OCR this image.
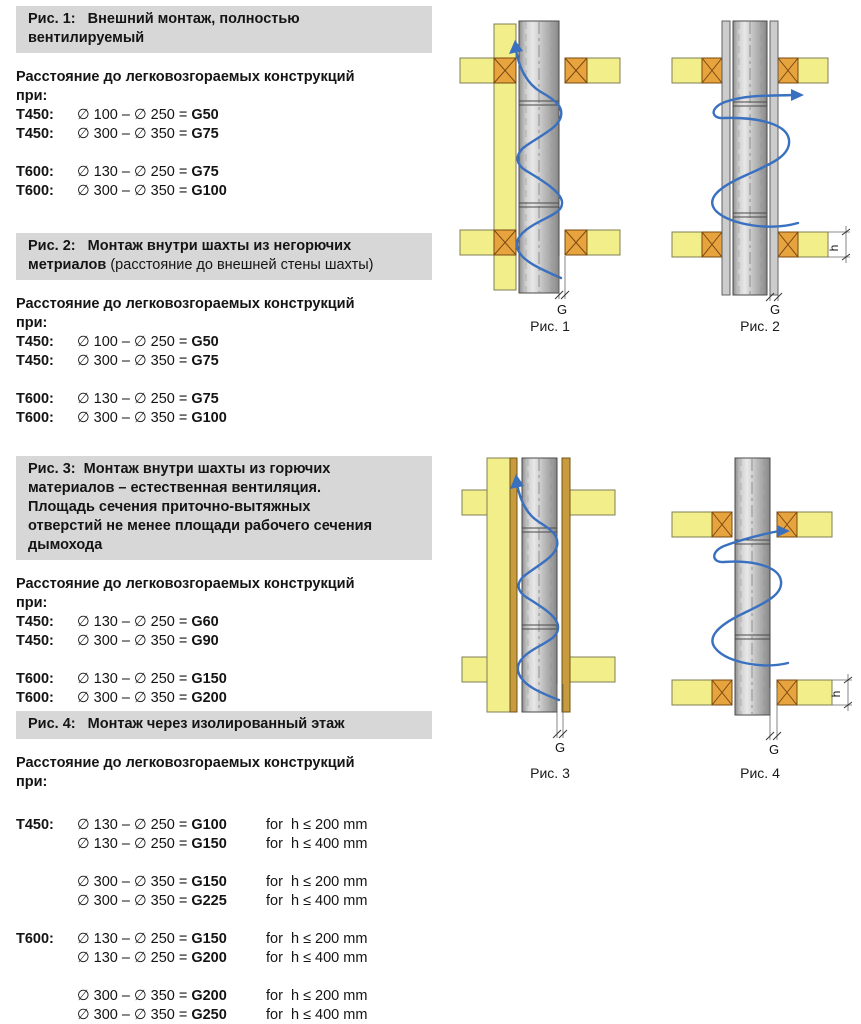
Рис. 1:   Внешний монтаж, полностью
вентилируемый
Расстояние до легковозгораемых конструкций
при:
Т450:	∅ 100 – ∅ 250 = G50
Т450:	∅ 300 – ∅ 350 = G75
Т600:	∅ 130 – ∅ 250 = G75
Т600:	∅ 300 – ∅ 350 = G100
Рис. 2:   Монтаж внутри шахты из негорючих
метриалов (расстояние до внешней стены шахты)
Расстояние до легковозгораемых конструкций
при:
Т450:	∅ 100 – ∅ 250 = G50
Т450:	∅ 300 – ∅ 350 = G75
Т600:	∅ 130 – ∅ 250 = G75
Т600:	∅ 300 – ∅ 350 = G100
Рис. 3:  Монтаж внутри шахты из горючих
материалов – естественная вентиляция.
Площадь сечения приточно-вытяжных
отверстий не менее площади рабочего сечения
дымохода
Расстояние до легковозгораемых конструкций
при:
Т450:	∅ 130 – ∅ 250 = G60
Т450:	∅ 300 – ∅ 350 = G90
Т600:	∅ 130 – ∅ 250 = G150
Т600:	∅ 300 – ∅ 350 = G200
Рис. 4:   Монтаж через изолированный этаж
Расстояние до легковозгораемых конструкций
при:
Т450:	∅ 130 – ∅ 250 = G100	for  h ≤ 200 mm
∅ 130 – ∅ 250 = G150	for  h ≤ 400 mm
∅ 300 – ∅ 350 = G150	for  h ≤ 200 mm
∅ 300 – ∅ 350 = G225	for  h ≤ 400 mm
Т600:	∅ 130 – ∅ 250 = G150	for  h ≤ 200 mm
∅ 130 – ∅ 250 = G200	for  h ≤ 400 mm
∅ 300 – ∅ 350 = G200	for  h ≤ 200 mm
∅ 300 – ∅ 350 = G250	for  h ≤ 400 mm
G
Рис. 1
h
G
Рис. 2
G
Рис. 3
h
G
Рис. 4
